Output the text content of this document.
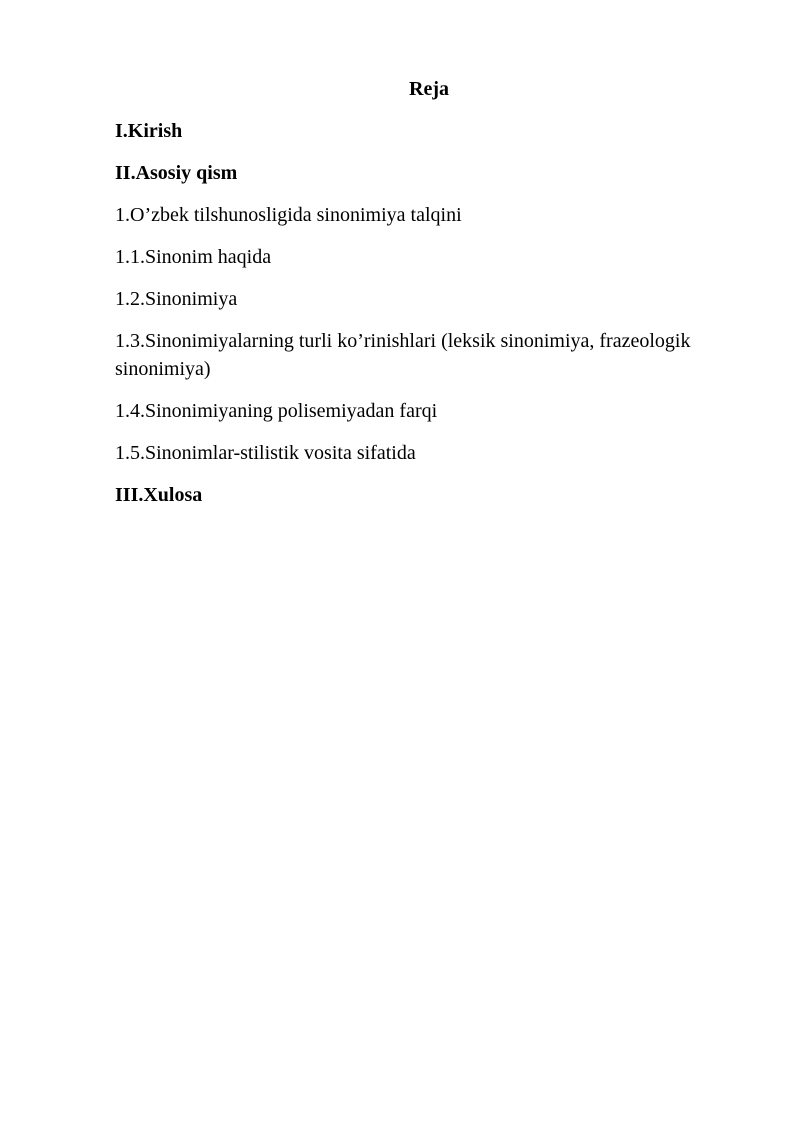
Reja
I.Kirish
II.Asosiy qism
1.O’zbek tilshunosligida sinonimiya talqini
1.1.Sinonim haqida
1.2.Sinonimiya
1.3.Sinonimiyalarning turli ko’rinishlari (leksik sinonimiya, frazeologik sinonimiya)
1.4.Sinonimiyaning polisemiyadan farqi
1.5.Sinonimlar-stilistik vosita sifatida
III.Xulosa
